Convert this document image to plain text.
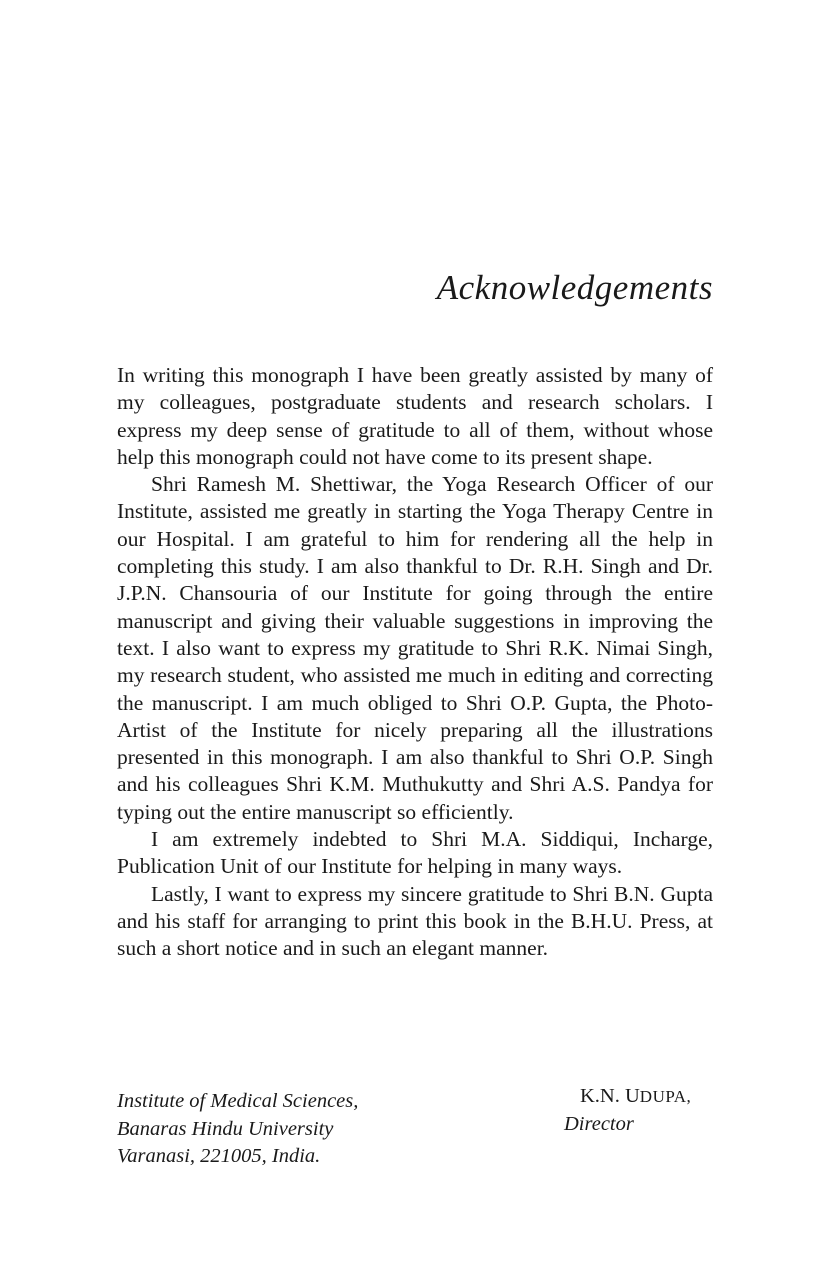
Acknowledgements

In writing this monograph I have been greatly assisted by many of my colleagues, postgraduate students and research scholars. I express my deep sense of gratitude to all of them, without whose help this monograph could not have come to its present shape.

Shri Ramesh M. Shettiwar, the Yoga Research Officer of our Institute, assisted me greatly in starting the Yoga Therapy Centre in our Hospital. I am grateful to him for rendering all the help in completing this study. I am also thankful to Dr. R.H. Singh and Dr. J.P.N. Chansouria of our Institute for going through the entire manuscript and giving their valuable suggestions in improving the text. I also want to express my gratitude to Shri R.K. Nimai Singh, my research student, who assisted me much in editing and correcting the manuscript. I am much obliged to Shri O.P. Gupta, the Photo-Artist of the Institute for nicely preparing all the illustrations presented in this monograph. I am also thankful to Shri O.P. Singh and his colleagues Shri K.M. Muthukutty and Shri A.S. Pandya for typing out the entire manuscript so efficiently.

I am extremely indebted to Shri M.A. Siddiqui, Incharge, Publication Unit of our Institute for helping in many ways.

Lastly, I want to express my sincere gratitude to Shri B.N. Gupta and his staff for arranging to print this book in the B.H.U. Press, at such a short notice and in such an elegant manner.

Institute of Medical Sciences,
Banaras Hindu University
Varanasi, 221005, India.
K.N. UDUPA,
Director
